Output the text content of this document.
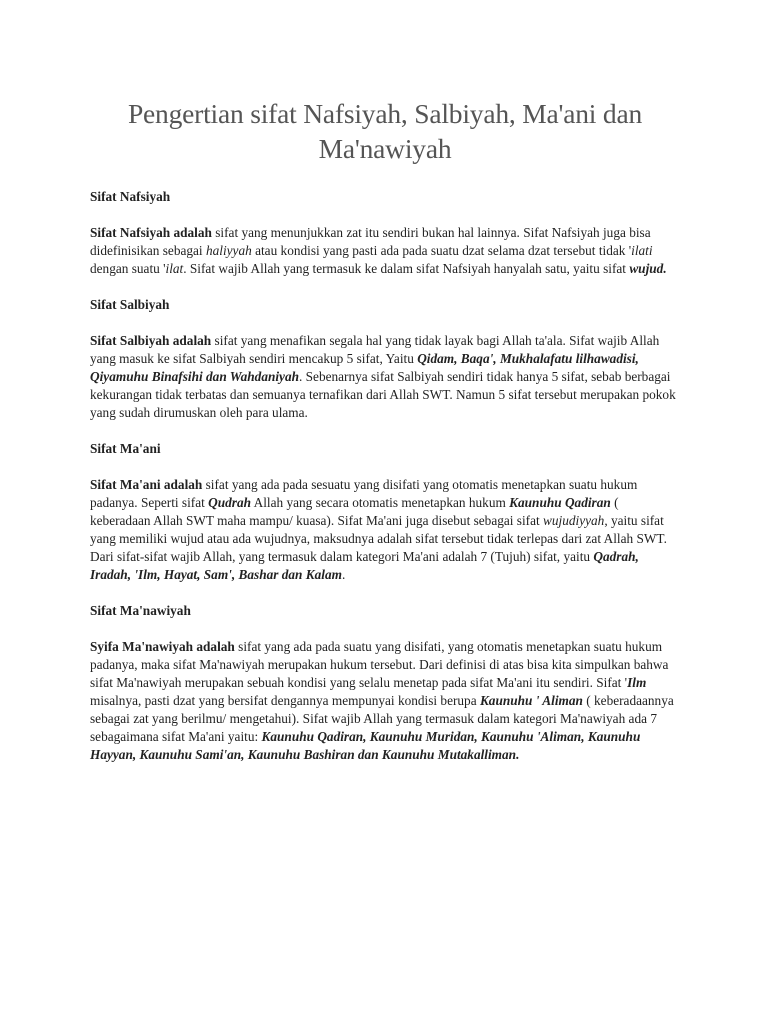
Pengertian sifat Nafsiyah, Salbiyah, Ma'ani dan Ma'nawiyah

Sifat Nafsiyah

Sifat Nafsiyah adalah sifat yang menunjukkan zat itu sendiri bukan hal lainnya. Sifat Nafsiyah juga bisa didefinisikan sebagai haliyyah atau kondisi yang pasti ada pada suatu dzat selama dzat tersebut tidak 'ilati dengan suatu 'ilat. Sifat wajib Allah yang termasuk ke dalam sifat Nafsiyah hanyalah satu, yaitu sifat wujud.

Sifat Salbiyah

Sifat Salbiyah adalah sifat yang menafikan segala hal yang tidak layak bagi Allah ta'ala. Sifat wajib Allah yang masuk ke sifat Salbiyah sendiri mencakup 5 sifat, Yaitu Qidam, Baqa', Mukhalafatu lilhawadisi, Qiyamuhu Binafsihi dan Wahdaniyah. Sebenarnya sifat Salbiyah sendiri tidak hanya 5 sifat, sebab berbagai kekurangan tidak terbatas dan semuanya ternafikan dari Allah SWT. Namun 5 sifat tersebut merupakan pokok yang sudah dirumuskan oleh para ulama.

Sifat Ma'ani

Sifat Ma'ani adalah sifat yang ada pada sesuatu yang disifati yang otomatis menetapkan suatu hukum padanya. Seperti sifat Qudrah Allah yang secara otomatis menetapkan hukum Kaunuhu Qadiran ( keberadaan Allah SWT maha mampu/ kuasa). Sifat Ma'ani juga disebut sebagai sifat wujudiyyah, yaitu sifat yang memiliki wujud atau ada wujudnya, maksudnya adalah sifat tersebut tidak terlepas dari zat Allah SWT. Dari sifat-sifat wajib Allah, yang termasuk dalam kategori Ma'ani adalah 7 (Tujuh) sifat, yaitu Qadrah, Iradah, 'Ilm, Hayat, Sam', Bashar dan Kalam.

Sifat Ma'nawiyah

Syifa Ma'nawiyah adalah sifat yang ada pada suatu yang disifati, yang otomatis menetapkan suatu hukum padanya, maka sifat Ma'nawiyah merupakan hukum tersebut. Dari definisi di atas bisa kita simpulkan bahwa sifat Ma'nawiyah merupakan sebuah kondisi yang selalu menetap pada sifat Ma'ani itu sendiri. Sifat 'Ilm misalnya, pasti dzat yang bersifat dengannya mempunyai kondisi berupa Kaunuhu ' Aliman ( keberadaannya sebagai zat yang berilmu/ mengetahui). Sifat wajib Allah yang termasuk dalam kategori Ma'nawiyah ada 7 sebagaimana sifat Ma'ani yaitu: Kaunuhu Qadiran, Kaunuhu Muridan, Kaunuhu 'Aliman, Kaunuhu Hayyan, Kaunuhu Sami'an, Kaunuhu Bashiran dan Kaunuhu Mutakalliman.
